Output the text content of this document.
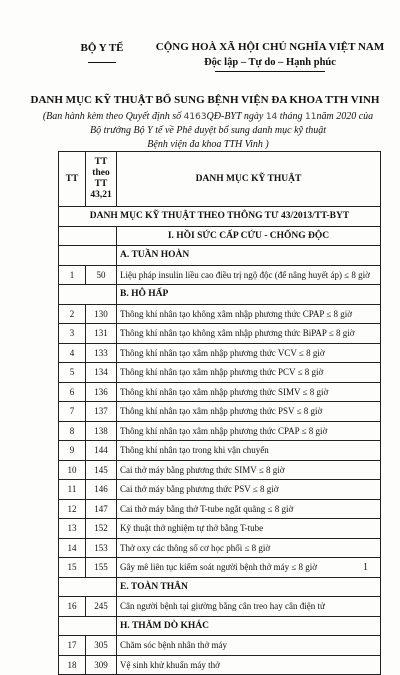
BỘ Y TẾ	CỘNG HOÀ XÃ HỘI CHỦ NGHĨA VIỆT NAM
Độc lập – Tự do – Hạnh phúc
DANH MỤC KỸ THUẬT BỔ SUNG BỆNH VIỆN ĐA KHOA TTH VINH
(Ban hành kèm theo Quyết định số 4163QĐ-BYT ngày 14 tháng 11năm 2020 của
Bộ trưởng Bộ Y tế về Phê duyệt bổ sung danh mục kỹ thuật
Bệnh viện đa khoa TTH Vinh )
TT	TT theo TT 43,21	DANH MỤC KỸ THUẬT
DANH MỤC KỸ THUẬT THEO THÔNG TƯ 43/2013/TT-BYT		
		I. HỒI SỨC CẤP CỨU - CHỐNG ĐỘC
		A. TUẦN HOÀN
1	50	Liệu pháp insulin liều cao điều trị ngộ độc (để nâng huyết áp) ≤ 8 giờ
		B. HÔ HẤP
2	130	Thông khí nhân tạo không xâm nhập phương thức CPAP ≤ 8 giờ
3	131	Thông khí nhân tạo không xâm nhập phương thức BiPAP ≤ 8 giờ
4	133	Thông khí nhân tạo xâm nhập phương thức VCV ≤ 8 giờ
5	134	Thông khí nhân tạo xâm nhập phương thức PCV ≤ 8 giờ
6	136	Thông khí nhân tạo xâm nhập phương thức SIMV ≤ 8 giờ
7	137	Thông khí nhân tạo xâm nhập phương thức PSV ≤ 8 giờ
8	138	Thông khí nhân tạo xâm nhập phương thức CPAP ≤ 8 giờ
9	144	Thông khí nhân tạo trong khi vận chuyển
10	145	Cai thở máy bằng phương thức SIMV ≤ 8 giờ
11	146	Cai thở máy bằng phương thức PSV ≤ 8 giờ
12	147	Cai thở máy bằng thở T-tube ngắt quãng ≤ 8 giờ
13	152	Kỹ thuật thở nghiệm tự thở bằng T-tube
14	153	Thở oxy các thông số cơ học phổi ≤ 8 giờ
15	155	Gây mê liên tục kiểm soát người bệnh thở máy ≤ 8 giờ
		E. TOÀN THÂN
16	245	Cân người bệnh tại giường bằng cân treo hay cân điện tử
		H. THĂM DÒ KHÁC
17	305	Chăm sóc bệnh nhân thở máy
18	309	Vệ sinh khử khuẩn máy thở
1
